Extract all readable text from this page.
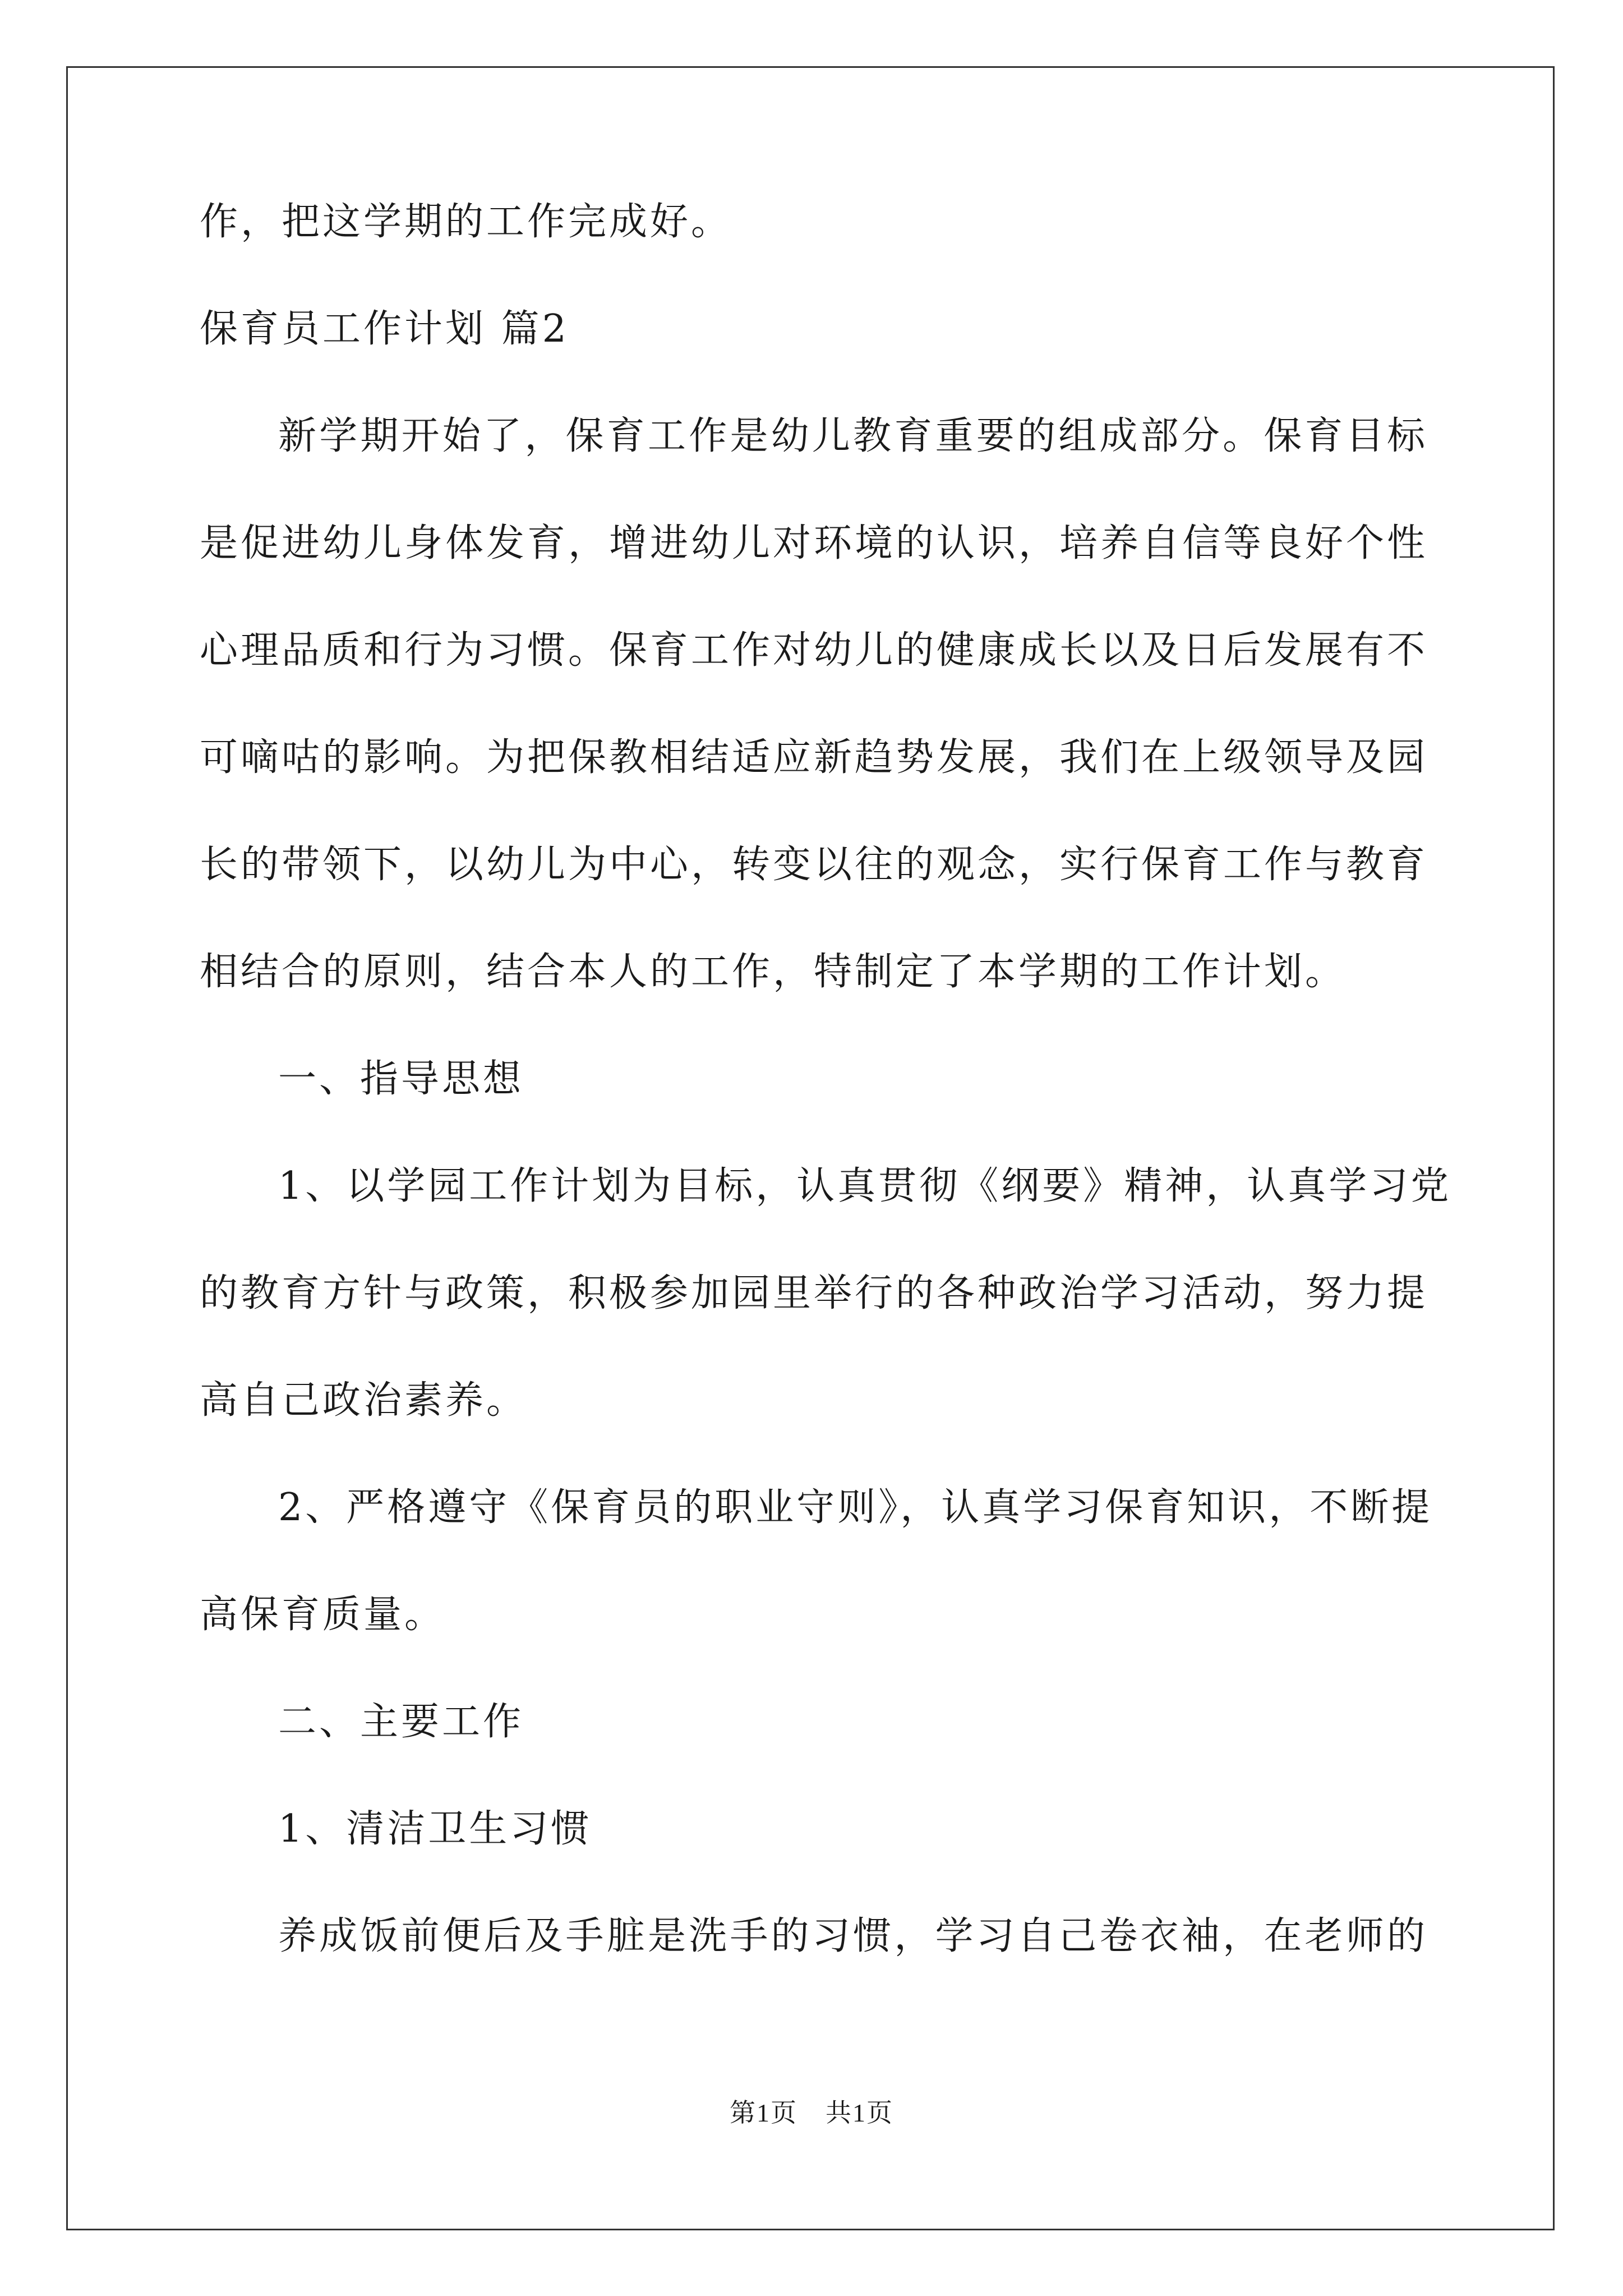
作，把这学期的工作完成好。
保育员工作计划 篇2
新学期开始了，保育工作是幼儿教育重要的组成部分。保育目标
是促进幼儿身体发育，增进幼儿对环境的认识，培养自信等良好个性
心理品质和行为习惯。保育工作对幼儿的健康成长以及日后发展有不
可嘀咕的影响。为把保教相结适应新趋势发展，我们在上级领导及园
长的带领下，以幼儿为中心，转变以往的观念，实行保育工作与教育
相结合的原则，结合本人的工作，特制定了本学期的工作计划。
一、指导思想
1、以学园工作计划为目标，认真贯彻《纲要》精神，认真学习党
的教育方针与政策，积极参加园里举行的各种政治学习活动，努力提
高自己政治素养。
2、严格遵守《保育员的职业守则》，认真学习保育知识，不断提
高保育质量。
二、主要工作
1、清洁卫生习惯
养成饭前便后及手脏是洗手的习惯，学习自己卷衣袖，在老师的
第1页 共1页
